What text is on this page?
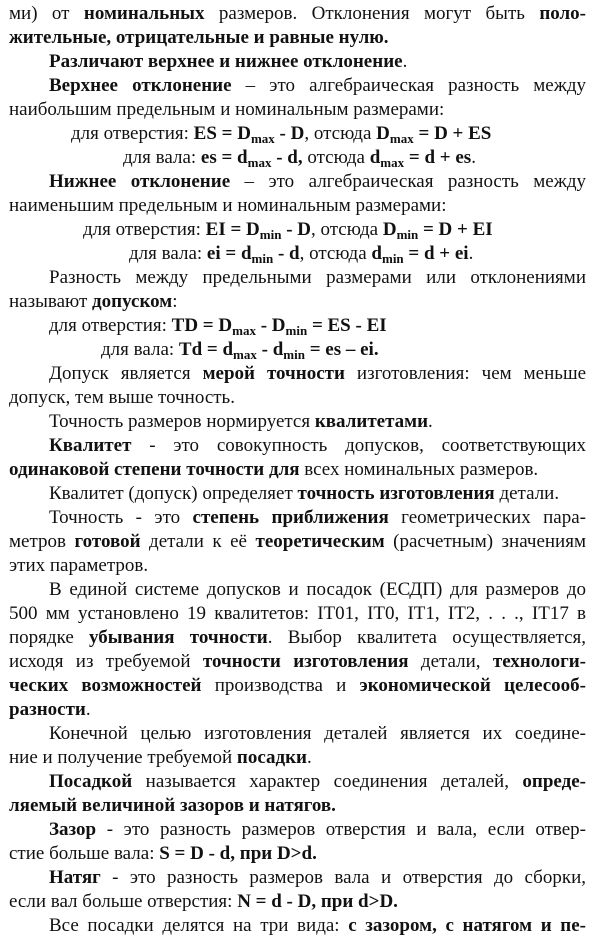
ми) от номинальных размеров. Отклонения могут быть поло-
жительные, отрицательные и равные нулю.
Различают верхнее и нижнее отклонение.
Верхнее отклонение – это алгебраическая разность между
наибольшим предельным и номинальным размерами:
для отверстия: ES = $D_{max}$ - D, отсюда $D_{max} = D$ + ES
для вала: es = $d_{max}$ - d, отсюда $d_{max} = d$ + es.
Нижнее отклонение – это алгебраическая разность между
наименьшим предельным и номинальным размерами:
для отверстия: EI = $D_{min}$ - D, отсюда $D_{min} = D$ + EI
для вала: ei = $d_{min}$ - d, отсюда $d_{min} = d$ + ei.
Разность между предельными размерами или отклонениями
называют допуском:
для отверстия: TD = $D_{max} - D_{min}$ = ES - EI
для вала: $Td = d_{max} - d_{min}$ = es – ei.
Допуск является мерой точности изготовления: чем меньше
допуск, тем выше точность.
Точность размеров нормируется квалитетами.
Квалитет - это совокупность допусков, соответствующих
одинаковой степени точности для всех номинальных размеров.
Квалитет (допуск) определяет точность изготовления детали.
Точность - это степень приближения геометрических пара-
метров готовой детали к её теоретическим (расчетным) значениям
этих параметров.
В единой системе допусков и посадок (ЕСДП) для размеров до
500 мм установлено 19 квалитетов: IT01, IT0, IT1, IT2, . . ., IT17 в
порядке убывания точности. Выбор квалитета осуществляется,
исходя из требуемой точности изготовления детали, технологи-
ческих возможностей производства и экономической целесооб-
разности.
Конечной целью изготовления деталей является их соедине-
ние и получение требуемой посадки.
Посадкой называется характер соединения деталей, опреде-
ляемый величиной зазоров и натягов.
Зазор - это разность размеров отверстия и вала, если отвер-
стие больше вала: S = D - d, при D>d.
Натяг - это разность размеров вала и отверстия до сборки,
если вал больше отверстия: N = d - D, при d>D.
Все посадки делятся на три вида: с зазором, с натягом и пе-
